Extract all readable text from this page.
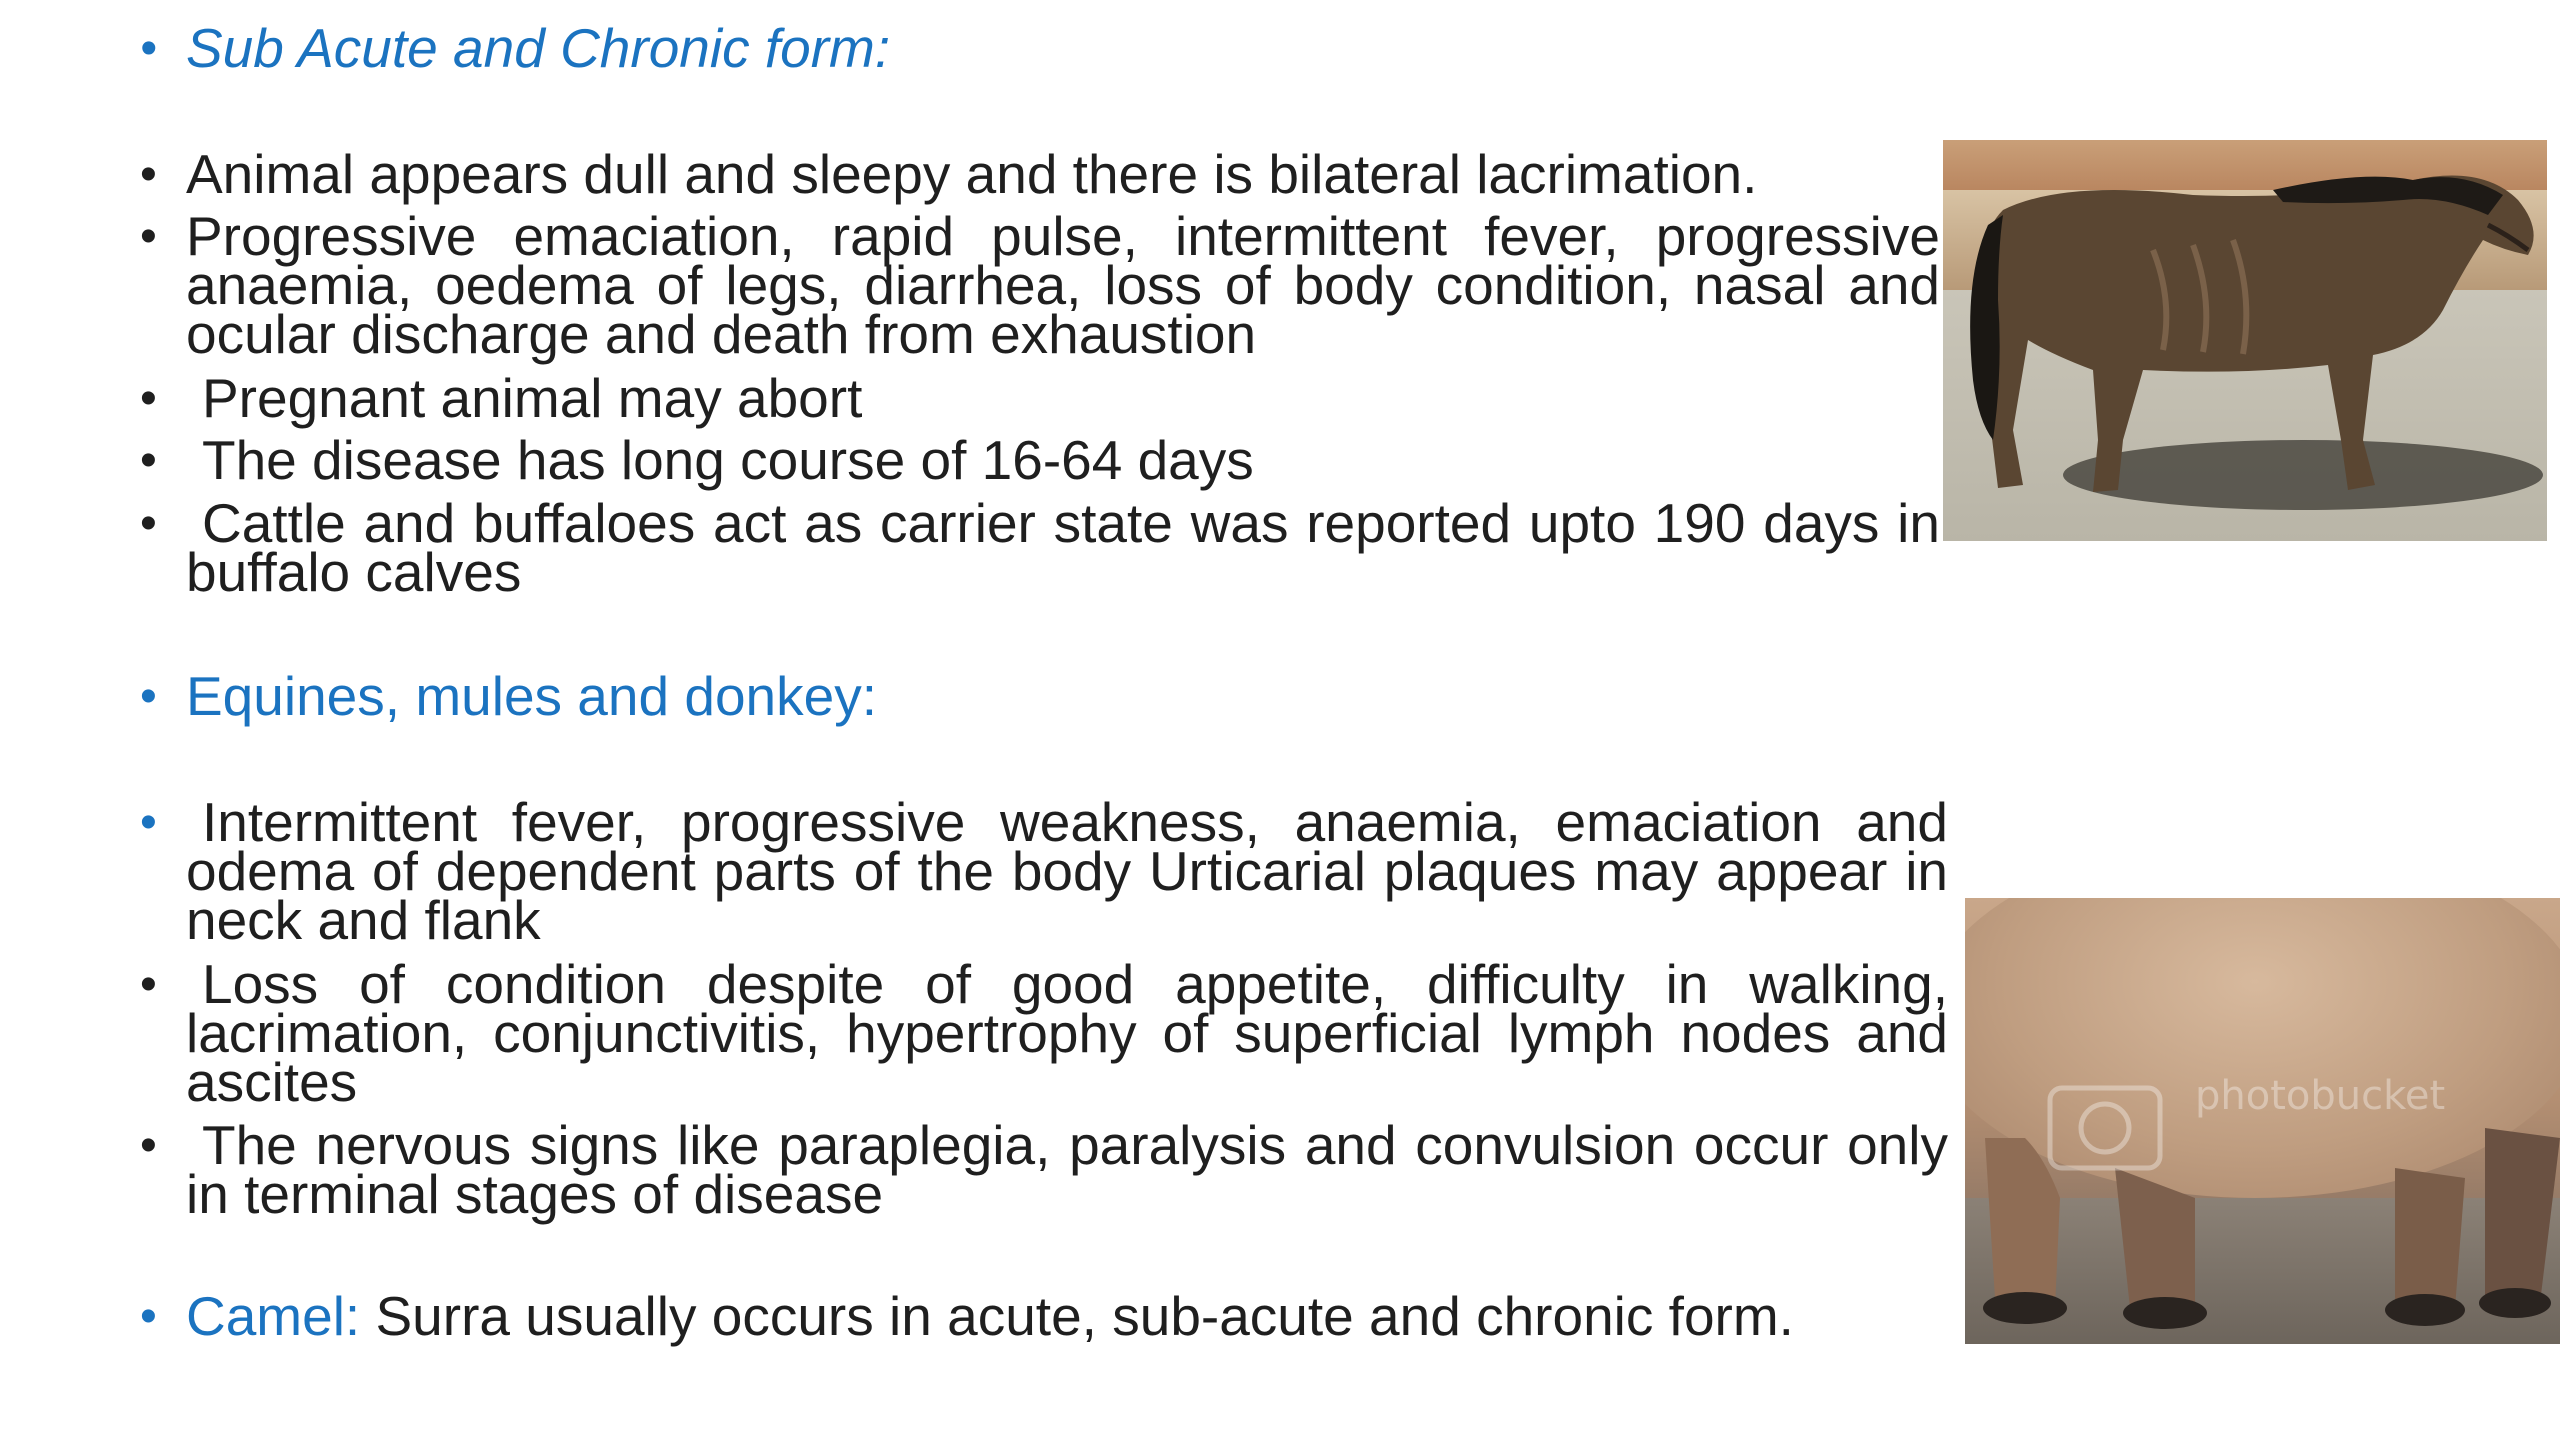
• Sub Acute and Chronic form:
• Animal appears dull and sleepy and there is bilateral lacrimation.
• Progressive emaciation, rapid pulse, intermittent fever, progressive anaemia, oedema of legs, diarrhea, loss of body condition, nasal and ocular discharge and death from exhaustion
• Pregnant animal may abort
• The disease has long course of 16-64 days
• Cattle and buffaloes act as carrier state was reported upto 190 days in buffalo calves
• Equines, mules and donkey:
• Intermittent fever, progressive weakness, anaemia, emaciation and odema of dependent parts of the body Urticarial plaques may appear in neck and flank
• Loss of condition despite of good appetite, difficulty in walking, lacrimation, conjunctivitis, hypertrophy of superficial lymph nodes and ascites
• The nervous signs like paraplegia, paralysis and convulsion occur only in terminal stages of disease
• Camel: Surra usually occurs in acute, sub-acute and chronic form.
photobucket
